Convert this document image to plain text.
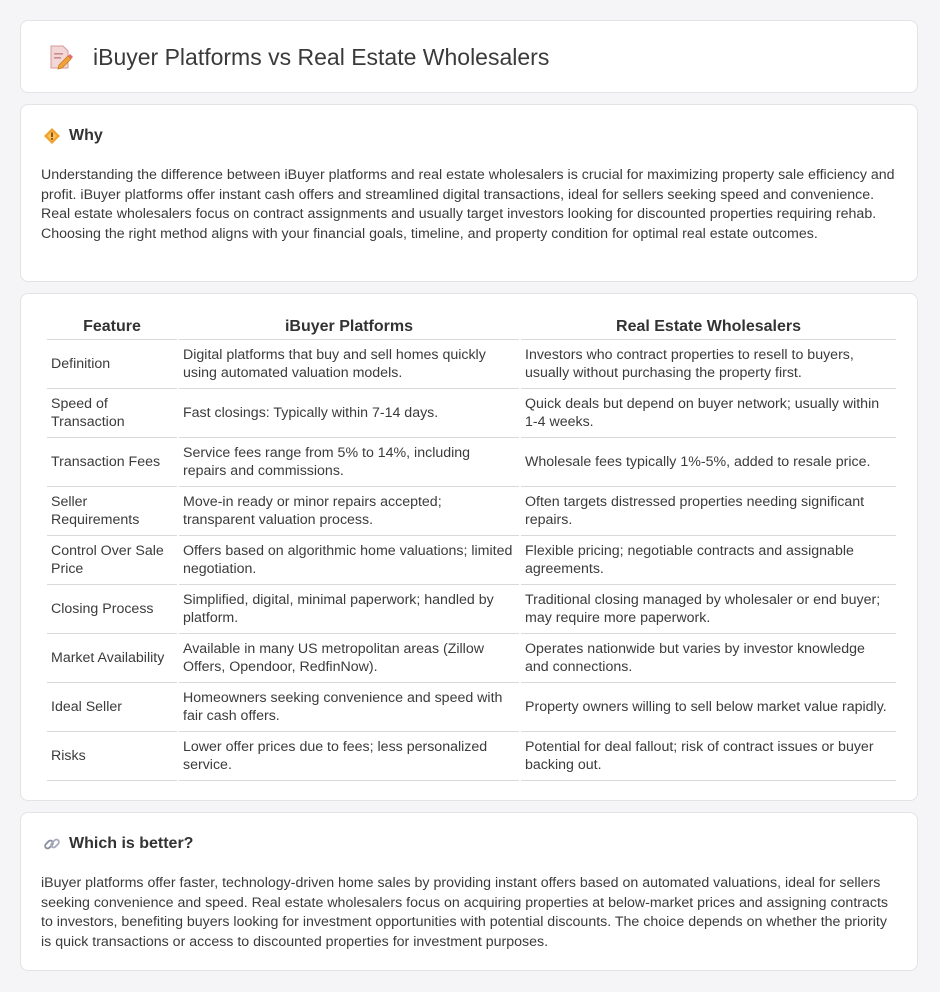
iBuyer Platforms vs Real Estate Wholesalers
Why

Understanding the difference between iBuyer platforms and real estate wholesalers is crucial for maximizing property sale efficiency and profit. iBuyer platforms offer instant cash offers and streamlined digital transactions, ideal for sellers seeking speed and convenience. Real estate wholesalers focus on contract assignments and usually target investors looking for discounted properties requiring rehab. Choosing the right method aligns with your financial goals, timeline, and property condition for optimal real estate outcomes.

Feature	iBuyer Platforms	Real Estate Wholesalers
Definition	Digital platforms that buy and sell homes quickly using automated valuation models.	Investors who contract properties to resell to buyers, usually without purchasing the property first.
Speed of Transaction	Fast closings: Typically within 7-14 days.	Quick deals but depend on buyer network; usually within 1-4 weeks.
Transaction Fees	Service fees range from 5% to 14%, including repairs and commissions.	Wholesale fees typically 1%-5%, added to resale price.
Seller Requirements	Move-in ready or minor repairs accepted; transparent valuation process.	Often targets distressed properties needing significant repairs.
Control Over Sale Price	Offers based on algorithmic home valuations; limited negotiation.	Flexible pricing; negotiable contracts and assignable agreements.
Closing Process	Simplified, digital, minimal paperwork; handled by platform.	Traditional closing managed by wholesaler or end buyer; may require more paperwork.
Market Availability	Available in many US metropolitan areas (Zillow Offers, Opendoor, RedfinNow).	Operates nationwide but varies by investor knowledge and connections.
Ideal Seller	Homeowners seeking convenience and speed with fair cash offers.	Property owners willing to sell below market value rapidly.
Risks	Lower offer prices due to fees; less personalized service.	Potential for deal fallout; risk of contract issues or buyer backing out.
Which is better?

iBuyer platforms offer faster, technology-driven home sales by providing instant offers based on automated valuations, ideal for sellers seeking convenience and speed. Real estate wholesalers focus on acquiring properties at below-market prices and assigning contracts to investors, benefiting buyers looking for investment opportunities with potential discounts. The choice depends on whether the priority is quick transactions or access to discounted properties for investment purposes.
